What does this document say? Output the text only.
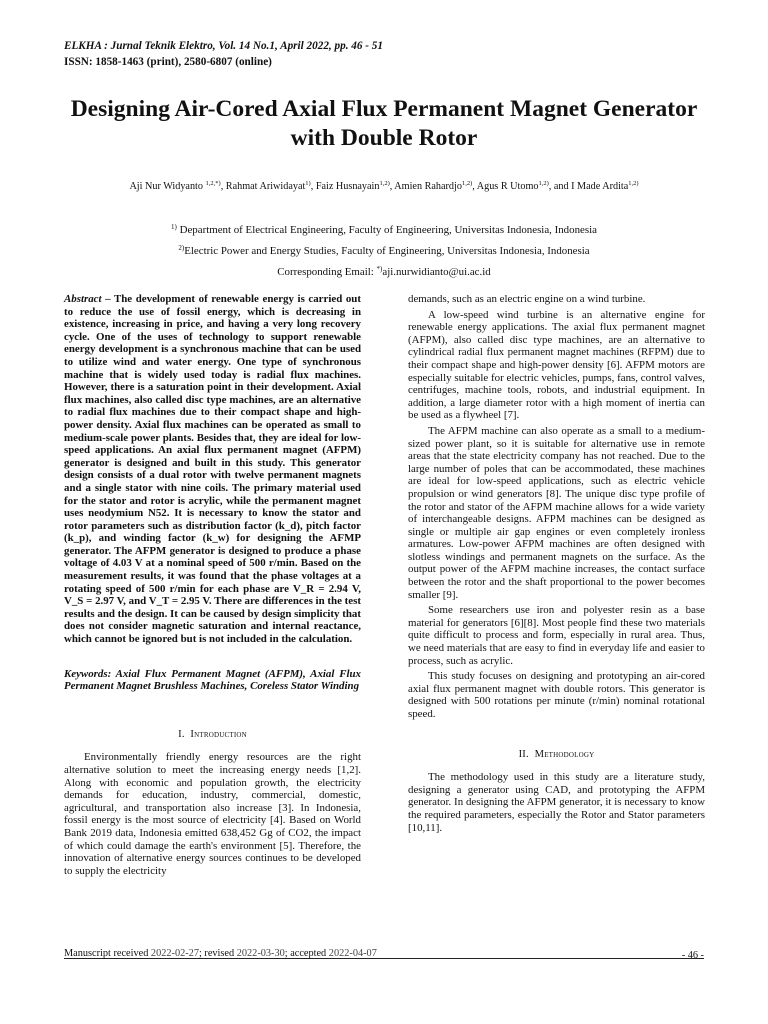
ELKHA : Jurnal Teknik Elektro, Vol. 14 No.1, April 2022, pp. 46 - 51
ISSN: 1858-1463 (print), 2580-6807 (online)
Designing Air-Cored Axial Flux Permanent Magnet Generator with Double Rotor
Aji Nur Widyanto $^{1,2,*)}$, Rahmat Ariwidayat$^{1)}$, Faiz Husnayain$^{1,2)}$, Amien Rahardjo$^{1,2)}$, Agus R Utomo$^{1,2)}$, and I Made Ardita$^{1,2)}$
$^{1)}$ Department of Electrical Engineering, Faculty of Engineering, Universitas Indonesia, Indonesia
$^{2)}$Electric Power and Energy Studies, Faculty of Engineering, Universitas Indonesia, Indonesia
Corresponding Email: *)aji.nurwidianto@ui.ac.id
Abstract – The development of renewable energy is carried out to reduce the use of fossil energy, which is decreasing in existence, increasing in price, and having a very long recovery cycle. One of the uses of technology to support renewable energy development is a synchronous machine that can be used to utilize wind and water energy. One type of synchronous machine that is widely used today is radial flux machines. However, there is a saturation point in their development. Axial flux machines, also called disc type machines, are an alternative to radial flux machines due to their compact shape and high-power density. Axial flux machines can be operated as small to medium-scale power plants. Besides that, they are ideal for low-speed applications. An axial flux permanent magnet (AFPM) generator is designed and built in this study. This generator design consists of a dual rotor with twelve permanent magnets and a single stator with nine coils. The primary material used for the stator and rotor is acrylic, while the permanent magnet uses neodymium N52. It is necessary to know the stator and rotor parameters such as distribution factor (k_d), pitch factor (k_p), and winding factor (k_w) for designing the AFMP generator. The AFPM generator is designed to produce a phase voltage of 4.03 V at a nominal speed of 500 r/min. Based on the measurement results, it was found that the phase voltages at a rotating speed of 500 r/min for each phase are V_R = 2.94 V, V_S = 2.97 V, and V_T = 2.95 V. There are differences in the test results and the design. It can be caused by design simplicity that does not consider magnetic saturation and internal reactance, which cannot be ignored but is not included in the calculation.
Keywords: Axial Flux Permanent Magnet (AFPM), Axial Flux Permanent Magnet Brushless Machines, Coreless Stator Winding
I. Introduction

Environmentally friendly energy resources are the right alternative solution to meet the increasing energy needs [1,2]. Along with economic and population growth, the electricity demands for education, industry, commercial, domestic, agricultural, and transportation also increase [3]. In Indonesia, fossil energy is the most source of electricity [4]. Based on World Bank 2019 data, Indonesia emitted 638,452 Gg of CO2, the impact of which could damage the earth's environment [5]. Therefore, the innovation of alternative energy sources continues to be developed to supply the electricity

demands, such as an electric engine on a wind turbine.

A low-speed wind turbine is an alternative engine for renewable energy applications. The axial flux permanent magnet (AFPM), also called disc type machines, are an alternative to cylindrical radial flux permanent magnet machines (RFPM) due to their compact shape and high-power density [6]. AFPM motors are especially suitable for electric vehicles, pumps, fans, control valves, centrifuges, machine tools, robots, and industrial equipment. In addition, a large diameter rotor with a high moment of inertia can be used as a flywheel [7].

The AFPM machine can also operate as a small to a medium-sized power plant, so it is suitable for alternative use in remote areas that the state electricity company has not reached. Due to the large number of poles that can be accommodated, these machines are ideal for low-speed applications, such as electric vehicle propulsion or wind generators [8]. The unique disc type profile of the rotor and stator of the AFPM machine allows for a wide variety of interchangeable designs. AFPM machines can be designed as single or multiple air gap engines or even completely ironless armatures. Low-power AFPM machines are often designed with slotless windings and permanent magnets on the surface. As the output power of the AFPM machine increases, the contact surface between the rotor and the shaft proportional to the power becomes smaller [9].

Some researchers use iron and polyester resin as a base material for generators [6][8]. Most people find these two materials quite difficult to process and form, especially in rural area. Thus, we need materials that are easy to find in everyday life and easier to process, such as acrylic.

This study focuses on designing and prototyping an air-cored axial flux permanent magnet with double rotors. This generator is designed with 500 rotations per minute (r/min) nominal rotational speed.

II. Methodology

The methodology used in this study are a literature study, designing a generator using CAD, and prototyping the AFPM generator. In designing the AFPM generator, it is necessary to know the required parameters, especially the Rotor and Stator parameters [10,11].

Manuscript received 2022-02-27; revised 2022-03-30; accepted 2022-04-07	- 46 -
